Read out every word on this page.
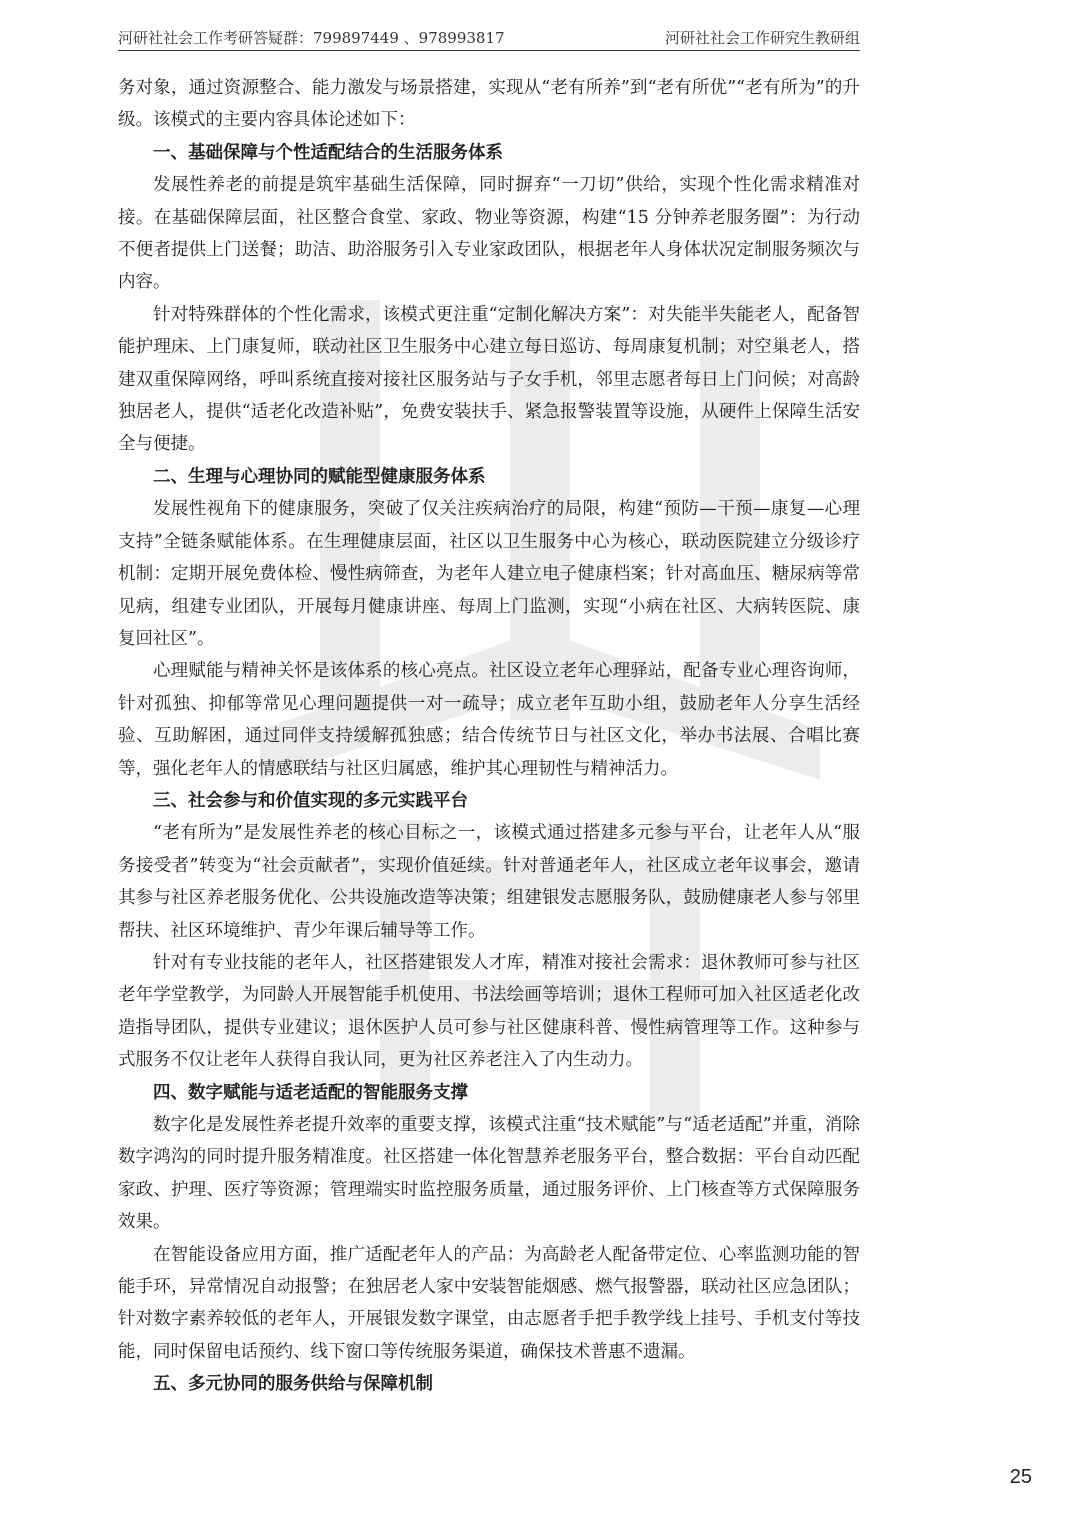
河研社社会工作考研答疑群：799897449 、978993817	河研社社会工作研究生教研组

务对象，通过资源整合、能力激发与场景搭建，实现从“老有所养”到“老有所优”“老有所为”的升级。该模式的主要内容具体论述如下：

一、基础保障与个性适配结合的生活服务体系

发展性养老的前提是筑牢基础生活保障，同时摒弃“一刀切”供给，实现个性化需求精准对接。在基础保障层面，社区整合食堂、家政、物业等资源，构建“15 分钟养老服务圈”：为行动不便者提供上门送餐；助洁、助浴服务引入专业家政团队，根据老年人身体状况定制服务频次与内容。

针对特殊群体的个性化需求，该模式更注重“定制化解决方案”：对失能半失能老人，配备智能护理床、上门康复师，联动社区卫生服务中心建立每日巡访、每周康复机制；对空巢老人，搭建双重保障网络，呼叫系统直接对接社区服务站与子女手机，邻里志愿者每日上门问候；对高龄独居老人，提供“适老化改造补贴”，免费安装扶手、紧急报警装置等设施，从硬件上保障生活安全与便捷。

二、生理与心理协同的赋能型健康服务体系

发展性视角下的健康服务，突破了仅关注疾病治疗的局限，构建“预防—干预—康复—心理支持”全链条赋能体系。在生理健康层面，社区以卫生服务中心为核心，联动医院建立分级诊疗机制：定期开展免费体检、慢性病筛查，为老年人建立电子健康档案；针对高血压、糖尿病等常见病，组建专业团队，开展每月健康讲座、每周上门监测，实现“小病在社区、大病转医院、康复回社区”。

心理赋能与精神关怀是该体系的核心亮点。社区设立老年心理驿站，配备专业心理咨询师，针对孤独、抑郁等常见心理问题提供一对一疏导；成立老年互助小组，鼓励老年人分享生活经验、互助解困，通过同伴支持缓解孤独感；结合传统节日与社区文化，举办书法展、合唱比赛等，强化老年人的情感联结与社区归属感，维护其心理韧性与精神活力。

三、社会参与和价值实现的多元实践平台

“老有所为”是发展性养老的核心目标之一，该模式通过搭建多元参与平台，让老年人从“服务接受者”转变为“社会贡献者”，实现价值延续。针对普通老年人，社区成立老年议事会，邀请其参与社区养老服务优化、公共设施改造等决策；组建银发志愿服务队，鼓励健康老人参与邻里帮扶、社区环境维护、青少年课后辅导等工作。

针对有专业技能的老年人，社区搭建银发人才库，精准对接社会需求：退休教师可参与社区老年学堂教学，为同龄人开展智能手机使用、书法绘画等培训；退休工程师可加入社区适老化改造指导团队，提供专业建议；退休医护人员可参与社区健康科普、慢性病管理等工作。这种参与式服务不仅让老年人获得自我认同，更为社区养老注入了内生动力。

四、数字赋能与适老适配的智能服务支撑

数字化是发展性养老提升效率的重要支撑，该模式注重“技术赋能”与“适老适配”并重，消除数字鸿沟的同时提升服务精准度。社区搭建一体化智慧养老服务平台，整合数据：平台自动匹配家政、护理、医疗等资源；管理端实时监控服务质量，通过服务评价、上门核查等方式保障服务效果。

在智能设备应用方面，推广适配老年人的产品：为高龄老人配备带定位、心率监测功能的智能手环，异常情况自动报警；在独居老人家中安装智能烟感、燃气报警器，联动社区应急团队；针对数字素养较低的老年人，开展银发数字课堂，由志愿者手把手教学线上挂号、手机支付等技能，同时保留电话预约、线下窗口等传统服务渠道，确保技术普惠不遗漏。

五、多元协同的服务供给与保障机制

25
